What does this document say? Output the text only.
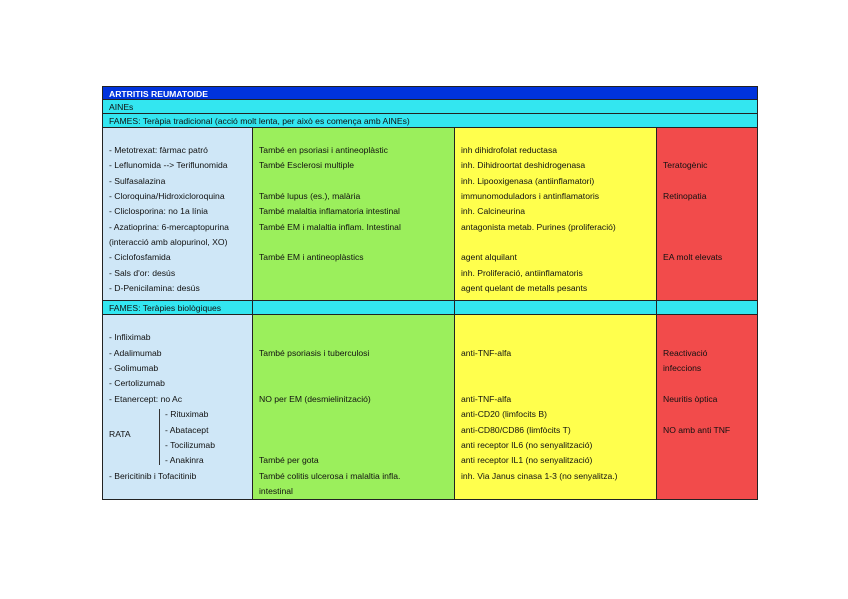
ARTRITIS REUMATOIDE
AINEs
FAMES: Teràpia tradicional (acció molt lenta, per això es comença amb AINEs)
- Metotrexat: fàrmac patró
- Leflunomida --> Teriflunomida
- Sulfasalazina
- Cloroquina/Hidroxicloroquina
- Cliclosporina: no 1a línia
- Azatioprina: 6-mercaptopurina
(interacció amb alopurinol, XO)
- Ciclofosfamida
- Sals d'or: desús
- D-Penicilamina: desús
També en psoriasi i antineoplàstic
També Esclerosi multiple
També lupus (es.), malària
També malaltia inflamatoria intestinal
També EM i malaltia inflam. Intestinal
També EM i antineoplàstics
inh dihidrofolat reductasa
inh. Dihidroortat deshidrogenasa
inh. Lipooxigenasa (antiinflamatori)
immunomoduladors i antinflamatoris
inh. Calcineurina
antagonista metab. Purines (proliferació)
agent alquilant
inh. Proliferació, antiinflamatoris
agent quelant de metalls pesants
Teratogènic
Retinopatia
EA molt elevats
FAMES: Teràpies biològiques
- Infliximab
- Adalimumab
- Golimumab
- Certolizumab
- Etanercept: no Ac
RATA
- Rituximab
- Abatacept
- Tocilizumab
- Anakinra
- Bericitinib i Tofacitinib
També psoriasis i tuberculosi
NO per EM (desmielinització)
També per gota
També colitis ulcerosa i malaltia infla.
intestinal
anti-TNF-alfa
anti-TNF-alfa
anti-CD20 (limfocits B)
anti-CD80/CD86 (limfòcits T)
anti receptor IL6 (no senyalització)
anti receptor IL1 (no senyalització)
inh. Via Janus cinasa 1-3 (no senyalitza.)
Reactivació
infeccions
Neuritis òptica
NO amb anti TNF
